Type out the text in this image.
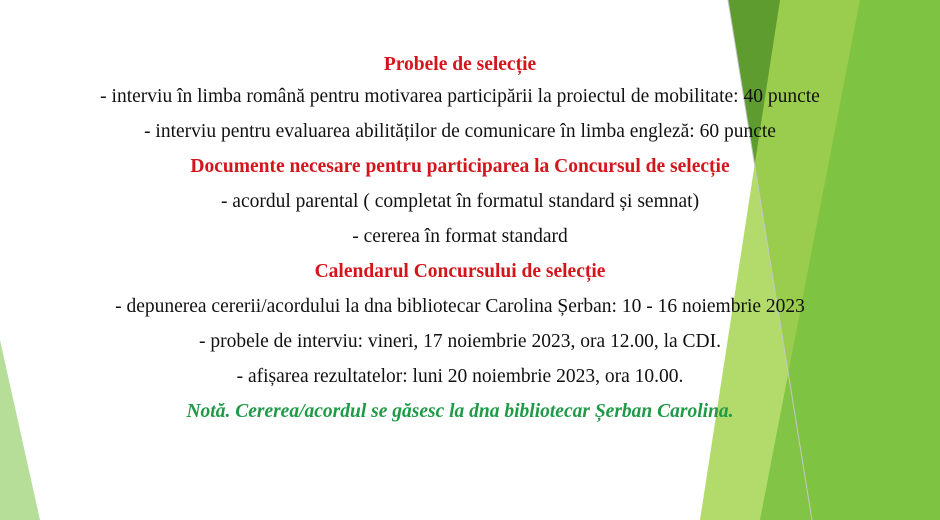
Probele de selecție

- interviu în limba română pentru motivarea participării la proiectul de mobilitate: 40 puncte

- interviu pentru evaluarea abilităților de comunicare în limba engleză: 60 puncte

Documente necesare pentru participarea la Concursul de selecție

- acordul parental ( completat în formatul standard și semnat)

- cererea în format standard

Calendarul Concursului de selecție

- depunerea cererii/acordului la dna bibliotecar Carolina Șerban: 10 - 16 noiembrie 2023

- probele de interviu: vineri, 17 noiembrie 2023, ora 12.00, la CDI.

- afișarea rezultatelor: luni 20 noiembrie 2023, ora 10.00.

Notă. Cererea/acordul se găsesc la dna bibliotecar Șerban Carolina.
